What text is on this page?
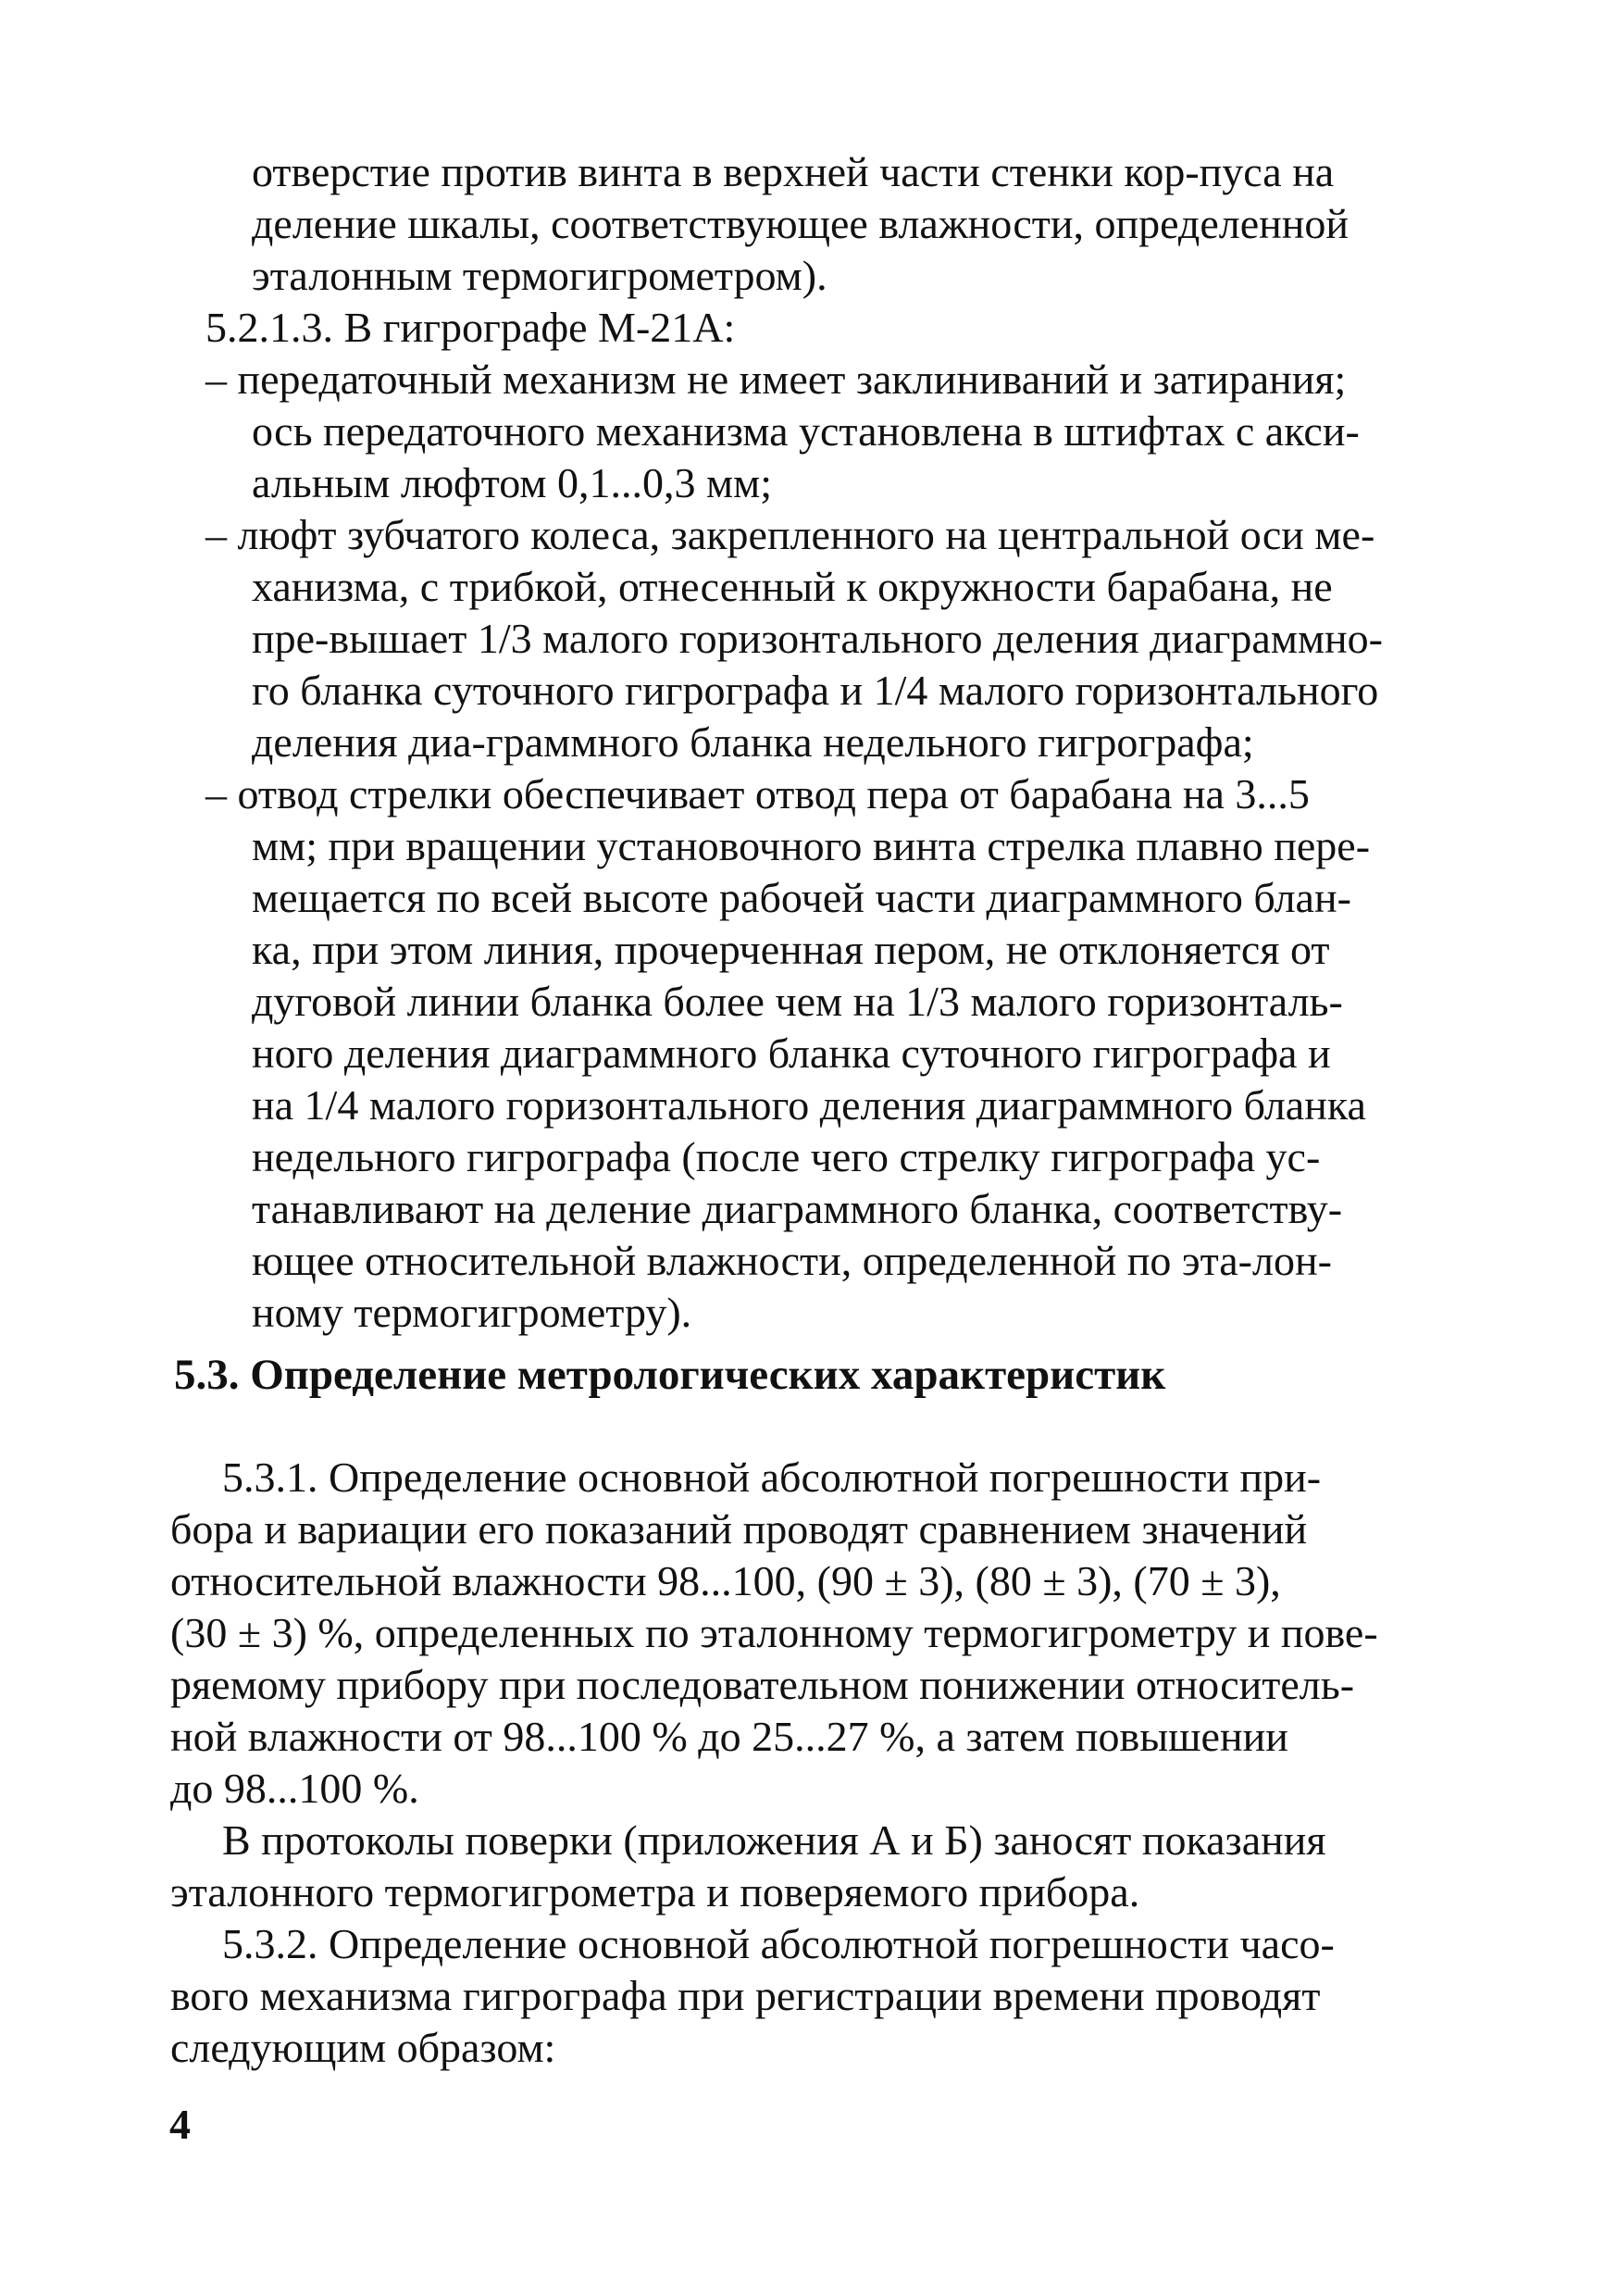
отверстие против винта в верхней части стенки кор-пуса на
деление шкалы, соответствующее влажности, определенной
эталонным термогигрометром).
5.2.1.3. В гигрографе М-21А:
– передаточный механизм не имеет заклиниваний и затирания;
ось передаточного механизма установлена в штифтах с акси-
альным люфтом 0,1...0,3 мм;
– люфт зубчатого колеса, закрепленного на центральной оси ме-
ханизма, с трибкой, отнесенный к окружности барабана, не
пре-вышает 1/3 малого горизонтального деления диаграммно-
го бланка суточного гигрографа и 1/4 малого горизонтального
деления диа-граммного бланка недельного гигрографа;
– отвод стрелки обеспечивает отвод пера от барабана на 3...5
мм; при вращении установочного винта стрелка плавно пере-
мещается по всей высоте рабочей части диаграммного блан-
ка, при этом линия, прочерченная пером, не отклоняется от
дуговой линии бланка более чем на 1/3 малого горизонталь-
ного деления диаграммного бланка суточного гигрографа и
на 1/4 малого горизонтального деления диаграммного бланка
недельного гигрографа (после чего стрелку гигрографа ус-
танавливают на деление диаграммного бланка, соответству-
ющее относительной влажности, определенной по эта-лон-
ному термогигрометру).
5.3. Определение метрологических характеристик
5.3.1. Определение основной абсолютной погрешности при-
бора и вариации его показаний проводят сравнением значений
относительной влажности 98...100, (90 ± 3), (80 ± 3), (70 ± 3),
(30 ± 3) %, определенных по эталонному термогигрометру и пове-
ряемому прибору при последовательном понижении относитель-
ной влажности от 98...100 % до 25...27 %, а затем повышении
до 98...100 %.
В протоколы поверки (приложения А и Б) заносят показания
эталонного термогигрометра и поверяемого прибора.
5.3.2. Определение основной абсолютной погрешности часо-
вого механизма гигрографа при регистрации времени проводят
следующим образом:
4
